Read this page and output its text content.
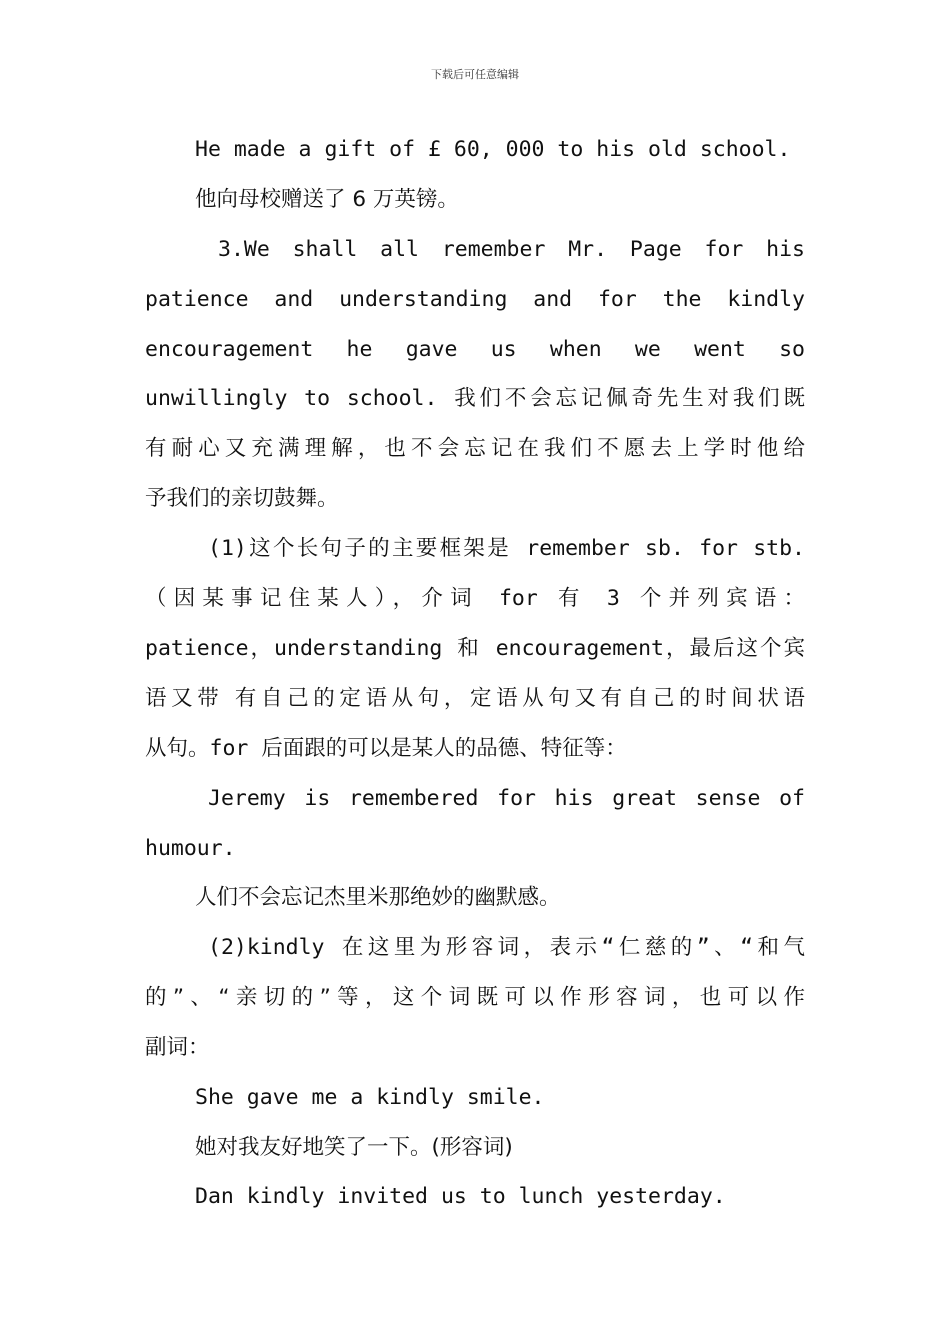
下载后可任意编辑
He made a gift of £ 60, 000 to his old school.
他向母校赠送了 6 万英镑。
3.We shall all remember Mr. Page for his
patience and understanding and for the kindly
encouragement he gave us when we went so
unwillingly to school. 我们不会忘记佩奇先生对我们既
有耐心又充满理解，也不会忘记在我们不愿去上学时他给
予我们的亲切鼓舞。
(1)这个长句子的主要框架是 remember sb. for stb.
（因某事记住某人），介词 for 有 3 个并列宾语：
patience，understanding 和 encouragement，最后这个宾
语又带 有自己的定语从句，定语从句又有自己的时间状语
从句。for 后面跟的可以是某人的品德、特征等：
Jeremy is remembered for his great sense of
humour.
人们不会忘记杰里米那绝妙的幽默感。
(2)kindly 在这里为形容词，表示“仁慈的”、“和气
的”、“亲切的”等，这个词既可以作形容词，也可以作
副词：
She gave me a kindly smile.
她对我友好地笑了一下。(形容词)
Dan kindly invited us to lunch yesterday.
